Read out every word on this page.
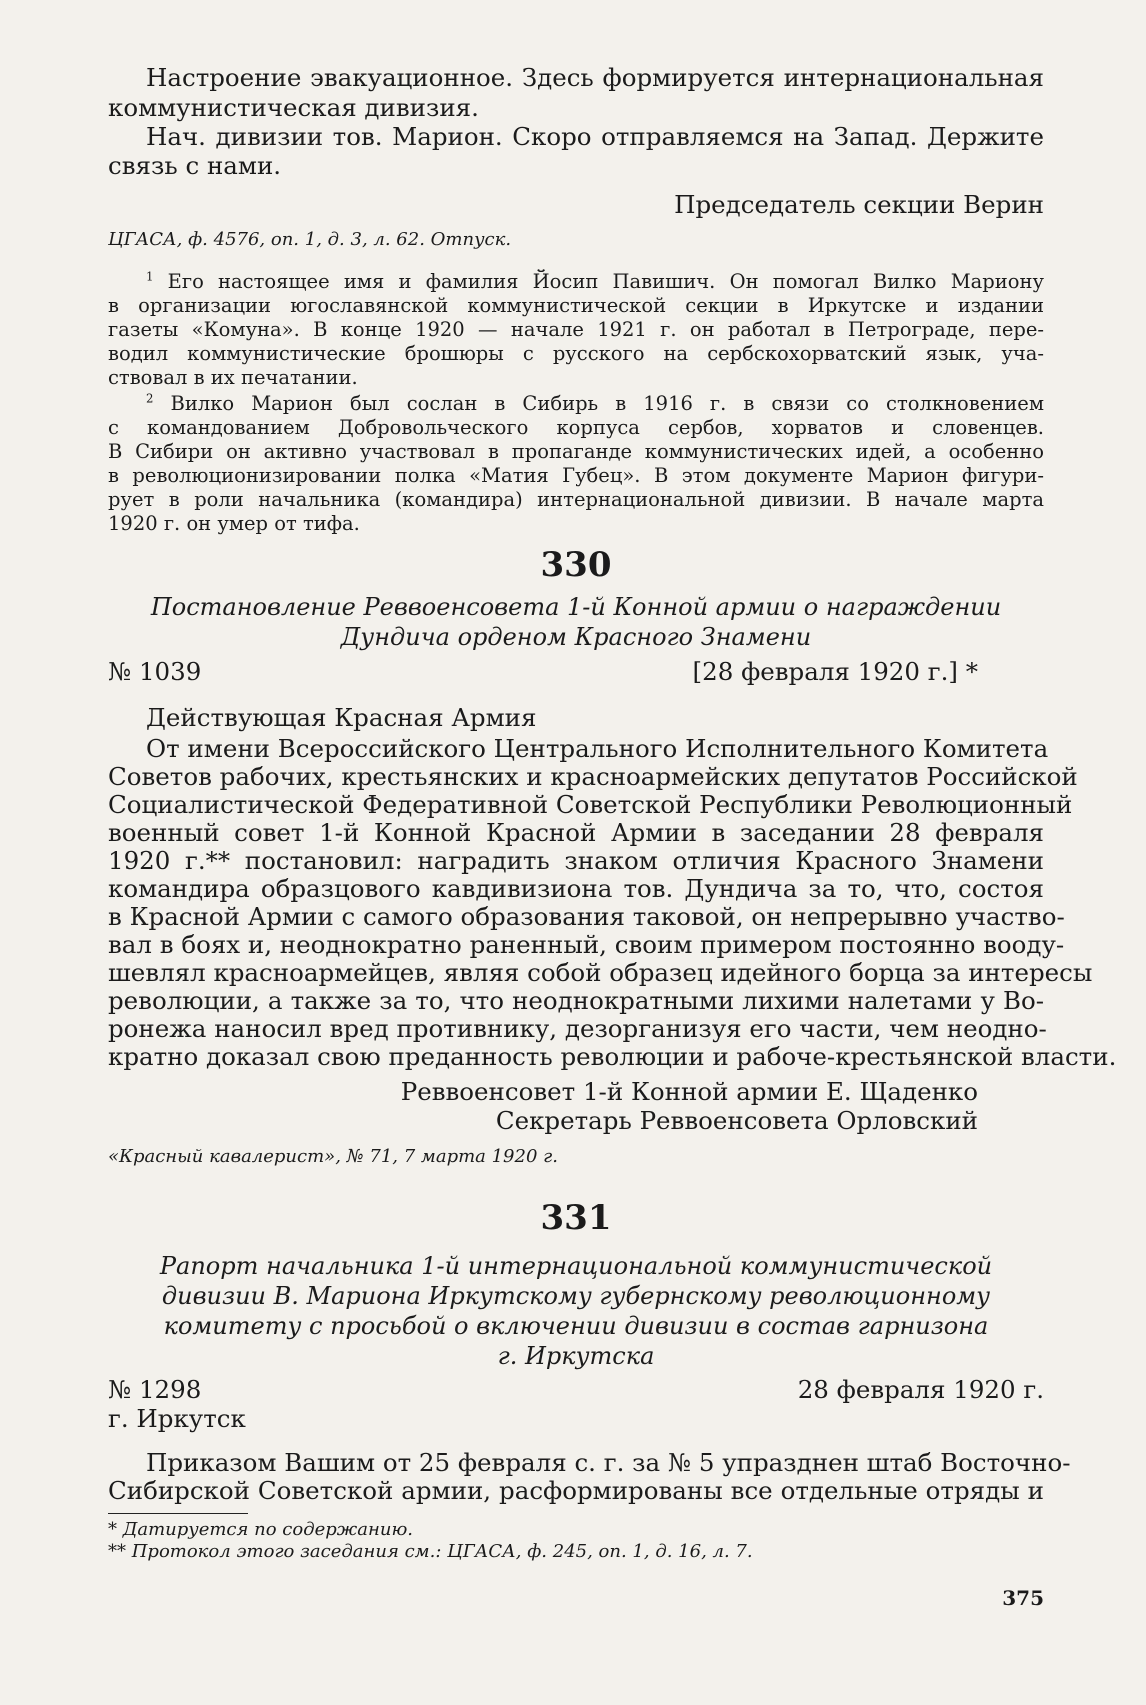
Настроение эвакуационное. Здесь формируется интернациональная
коммунистическая дивизия.
Нач. дивизии тов. Марион. Скоро отправляемся на Запад. Держите
связь с нами.
Председатель секции Верин
ЦГАСА, ф. 4576, оп. 1, д. 3, л. 62. Отпуск.
$^1$ Его настоящее имя и фамилия Йосип Павишич. Он помогал Вилко Мариону
в организации югославянской коммунистической секции в Иркутске и издании
газеты «Комуна». В конце 1920 — начале 1921 г. он работал в Петрограде, пере-
водил коммунистические брошюры с русского на сербскохорватский язык, уча-
ствовал в их печатании.
$^2$ Вилко Марион был сослан в Сибирь в 1916 г. в связи со столкновением
с командованием Добровольческого корпуса сербов, хорватов и словенцев.
В Сибири он активно участвовал в пропаганде коммунистических идей, а особенно
в революционизировании полка «Матия Губец». В этом документе Марион фигури-
рует в роли начальника (командира) интернациональной дивизии. В начале марта
1920 г. он умер от тифа.
330
Постановление Реввоенсовета 1-й Конной армии о награждении
Дундича орденом Красного Знамени
№ 1039	[28 февраля 1920 г.] *
Действующая Красная Армия
От имени Всероссийского Центрального Исполнительного Комитета
Советов рабочих, крестьянских и красноармейских депутатов Российской
Социалистической Федеративной Советской Республики Революционный
военный совет 1-й Конной Красной Армии в заседании 28 февраля
1920 г.** постановил: наградить знаком отличия Красного Знамени
командира образцового кавдивизиона тов. Дундича за то, что, состоя
в Красной Армии с самого образования таковой, он непрерывно участво-
вал в боях и, неоднократно раненный, своим примером постоянно вооду-
шевлял красноармейцев, являя собой образец идейного борца за интересы
революции, а также за то, что неоднократными лихими налетами у Во-
ронежа наносил вред противнику, дезорганизуя его части, чем неодно-
кратно доказал свою преданность революции и рабоче-крестьянской власти.
Реввоенсовет 1-й Конной армии Е. Щаденко
Секретарь Реввоенсовета Орловский
«Красный кавалерист», № 71, 7 марта 1920 г.
331
Рапорт начальника 1-й интернациональной коммунистической
дивизии В. Мариона Иркутскому губернскому революционному
комитету с просьбой о включении дивизии в состав гарнизона
г. Иркутска
№ 1298	28 февраля 1920 г.
г. Иркутск
Приказом Вашим от 25 февраля с. г. за № 5 упразднен штаб Восточно-
Сибирской Советской армии, расформированы все отдельные отряды и
* Датируется по содержанию.
** Протокол этого заседания см.: ЦГАСА, ф. 245, оп. 1, д. 16, л. 7.
375
